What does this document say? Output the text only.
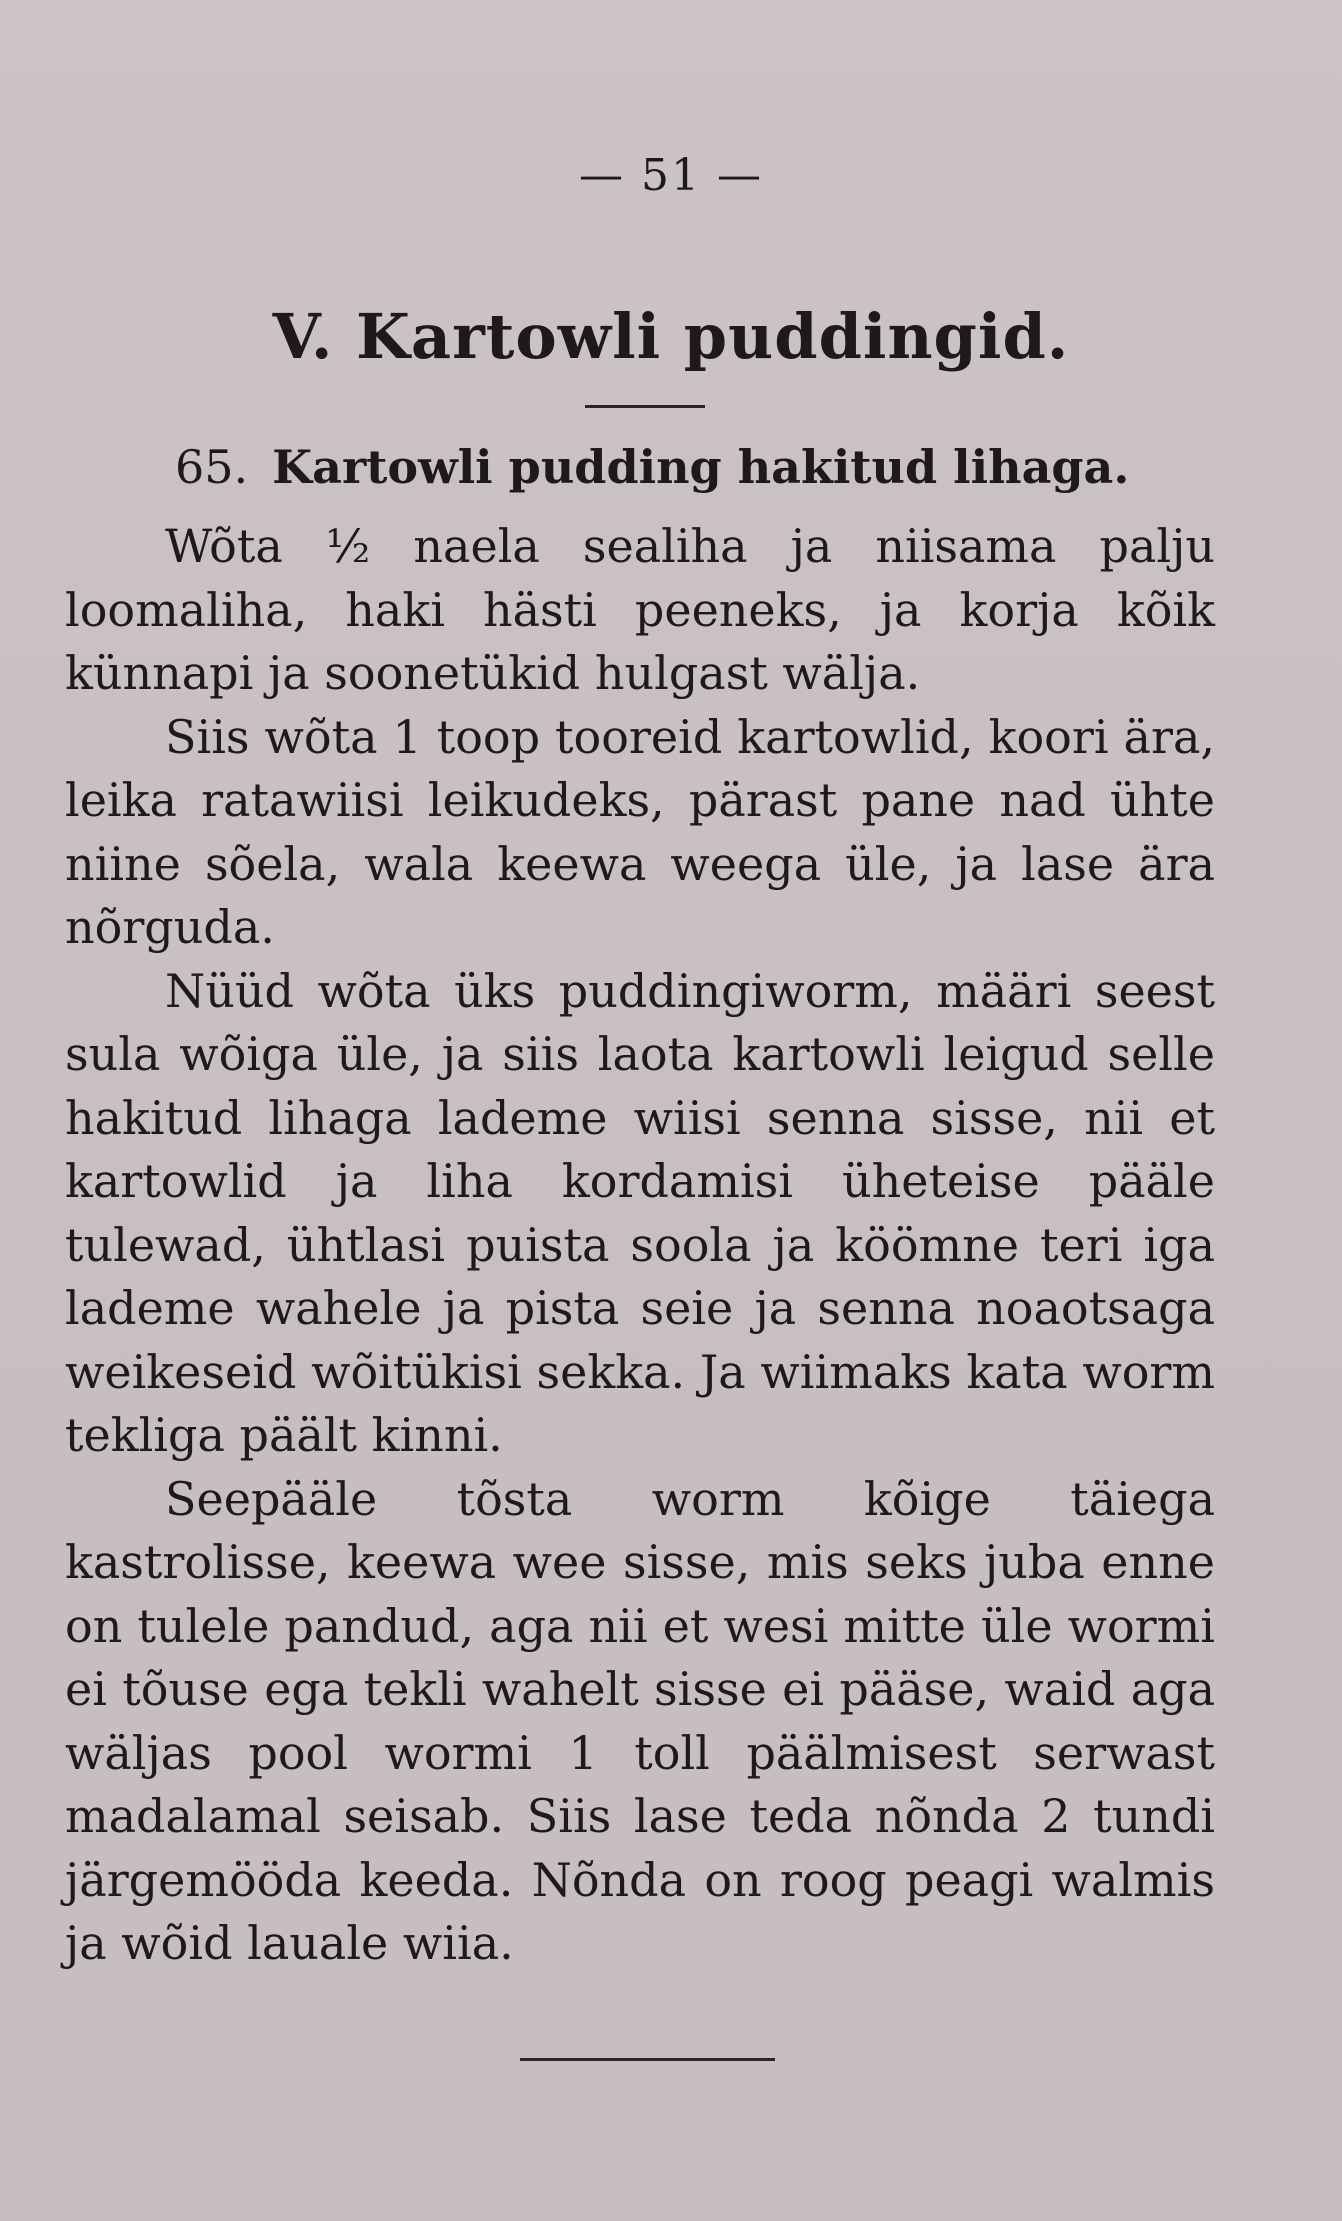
— 51 —
V. Kartowli puddingid.
65. Kartowli pudding hakitud lihaga.

Wõta ½ naela sealiha ja niisama palju loomaliha, haki hästi peeneks, ja korja kõik künnapi ja soonetükid hulgast wälja.

Siis wõta 1 toop tooreid kartowlid, koori ära, leika ratawiisi leikudeks, pärast pane nad ühte niine sõela, wala keewa weega üle, ja lase ära nõrguda.

Nüüd wõta üks puddingiworm, määri seest sula wõiga üle, ja siis laota kartowli leigud selle hakitud lihaga lademe wiisi senna sisse, nii et kartowlid ja liha kordamisi üheteise pääle tulewad, ühtlasi puista soola ja köömne teri iga lademe wahele ja pista seie ja senna noaotsaga weikeseid wõitükisi sekka. Ja wiimaks kata worm tekliga päält kinni.

Seepääle tõsta worm kõige täiega kastrolisse, keewa wee sisse, mis seks juba enne on tulele pandud, aga nii et wesi mitte üle wormi ei tõuse ega tekli wahelt sisse ei pääse, waid aga wäljas pool wormi 1 toll päälmisest serwast madalamal seisab. Siis lase teda nõnda 2 tundi järgemööda keeda. Nõnda on roog peagi walmis ja wõid lauale wiia.
